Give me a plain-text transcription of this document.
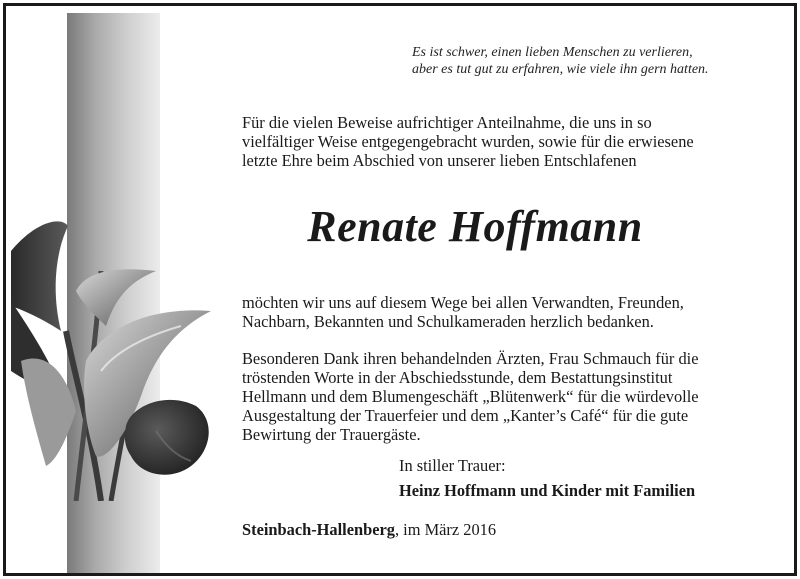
Es ist schwer, einen lieben Menschen zu verlieren,
aber es tut gut zu erfahren, wie viele ihn gern hatten.
Für die vielen Beweise aufrichtiger Anteilnahme, die uns in so
vielfältiger Weise entgegengebracht wurden, sowie für die erwiesene
letzte Ehre beim Abschied von unserer lieben Entschlafenen
Renate Hoffmann
möchten wir uns auf diesem Wege bei allen Verwandten, Freunden,
Nachbarn, Bekannten und Schulkameraden herzlich bedanken.
Besonderen Dank ihren behandelnden Ärzten, Frau Schmauch für die
tröstenden Worte in der Abschiedsstunde, dem Bestattungsinstitut
Hellmann und dem Blumengeschäft „Blütenwerk“ für die würdevolle
Ausgestaltung der Trauerfeier und dem „Kanter’s Café“ für die gute
Bewirtung der Trauergäste.
In stiller Trauer:
Heinz Hoffmann und Kinder mit Familien
Steinbach-Hallenberg, im März 2016
